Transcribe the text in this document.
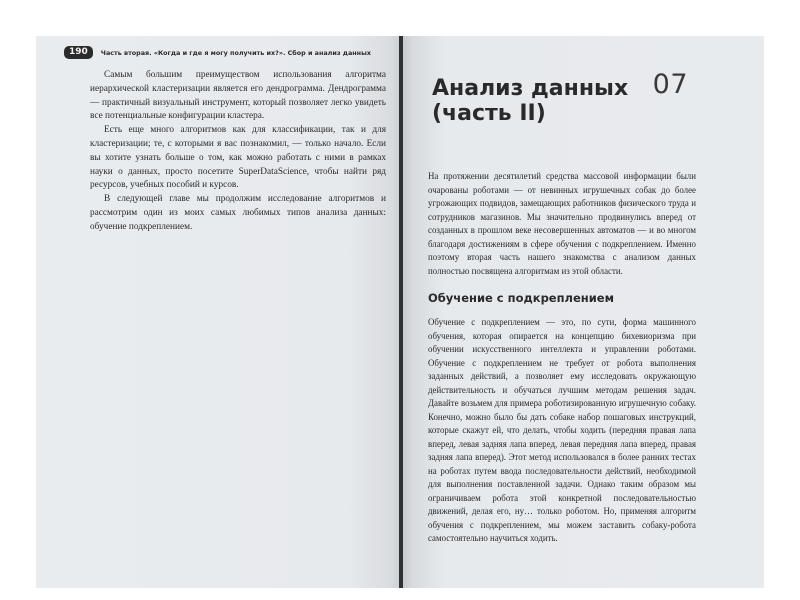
190	Часть вторая. «Когда и где я могу получить их?». Сбор и анализ данных

Самым большим преимуществом использования алгоритма иерархической кластеризации является его дендрограмма. Дендрограмма — практичный визуальный инструмент, который позволяет легко увидеть все потенциальные конфигурации кластера.

Есть еще много алгоритмов как для классификации, так и для кластеризации; те, с которыми я вас познакомил, — только начало. Если вы хотите узнать больше о том, как можно работать с ними в рамках науки о данных, просто посетите SuperDataScience, чтобы найти ряд ресурсов, учебных пособий и курсов.

В следующей главе мы продолжим исследование алгоритмов и рассмотрим один из моих самых любимых типов анализа данных: обучение подкреплением.

Анализ данных
(часть II)
07

На протяжении десятилетий средства массовой информации были очарованы роботами — от невинных игрушечных собак до более угрожающих подвидов, замещающих работников физического труда и сотрудников магазинов. Мы значительно продвинулись вперед от созданных в прошлом веке несовершенных автоматов — и во многом благодаря достижениям в сфере обучения с подкреплением. Именно поэтому вторая часть нашего знакомства с анализом данных полностью посвящена алгоритмам из этой области.

Обучение с подкреплением

Обучение с подкреплением — это, по сути, форма машинного обучения, которая опирается на концепцию бихевиоризма при обучении искусственного интеллекта и управлении роботами. Обучение с подкреплением не требует от робота выполнения заданных действий, а позволяет ему исследовать окружающую действительность и обучаться лучшим методам решения задач. Давайте возьмем для примера роботизированную игрушечную собаку. Конечно, можно было бы дать собаке набор пошаговых инструкций, которые скажут ей, что делать, чтобы ходить (передняя правая лапа вперед, левая задняя лапа вперед, левая передняя лапа вперед, правая задняя лапа вперед). Этот метод использовался в более ранних тестах на роботах путем ввода последовательности действий, необходимой для выполнения поставленной задачи. Однако таким образом мы ограничиваем робота этой конкретной последовательностью движений, делая его, ну… только роботом. Но, применяя алгоритм обучения с подкреплением, мы можем заставить собаку-робота самостоятельно научиться ходить.
